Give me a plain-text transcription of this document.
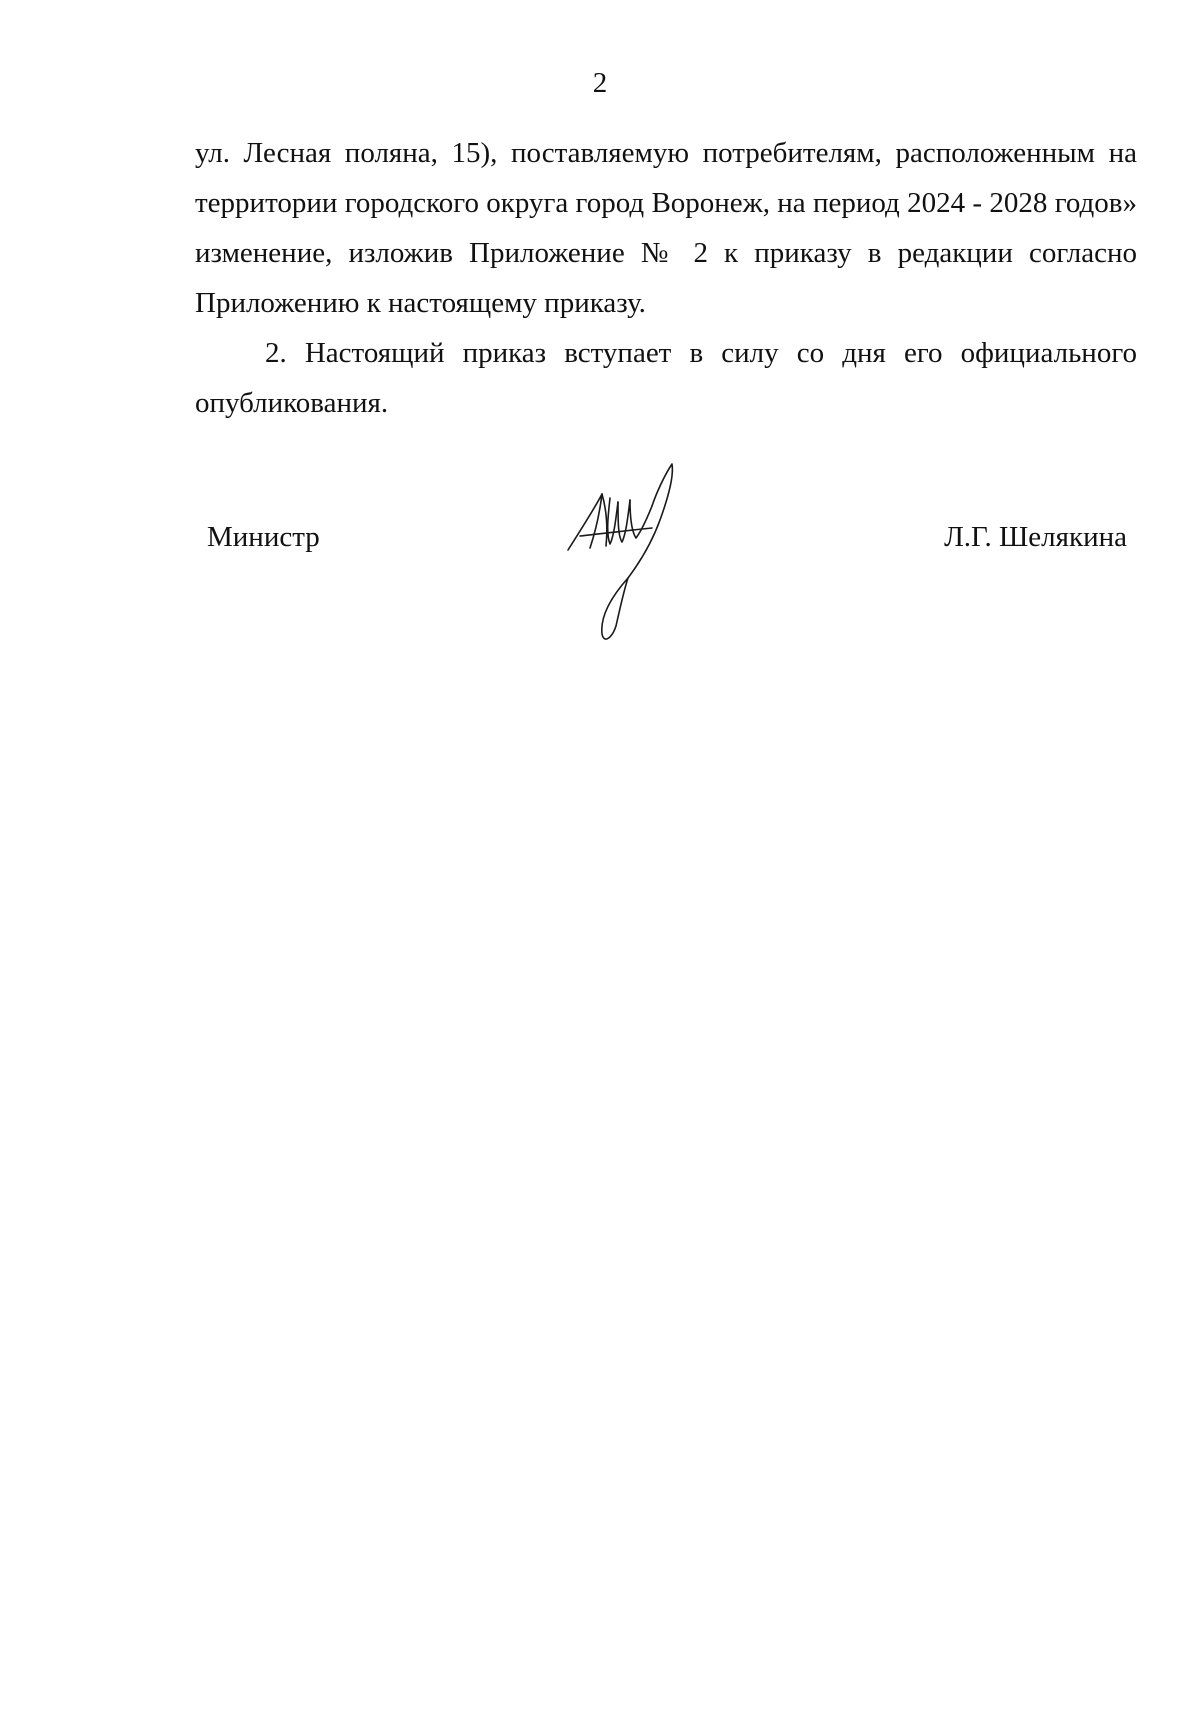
2

ул. Лесная поляна, 15), поставляемую потребителям, расположенным на территории городского округа город Воронеж, на период 2024 - 2028 годов» изменение, изложив Приложение № 2 к приказу в редакции согласно Приложению к настоящему приказу.

2. Настоящий приказ вступает в силу со дня его официального опубликования.

Министр	Л.Г. Шелякина
